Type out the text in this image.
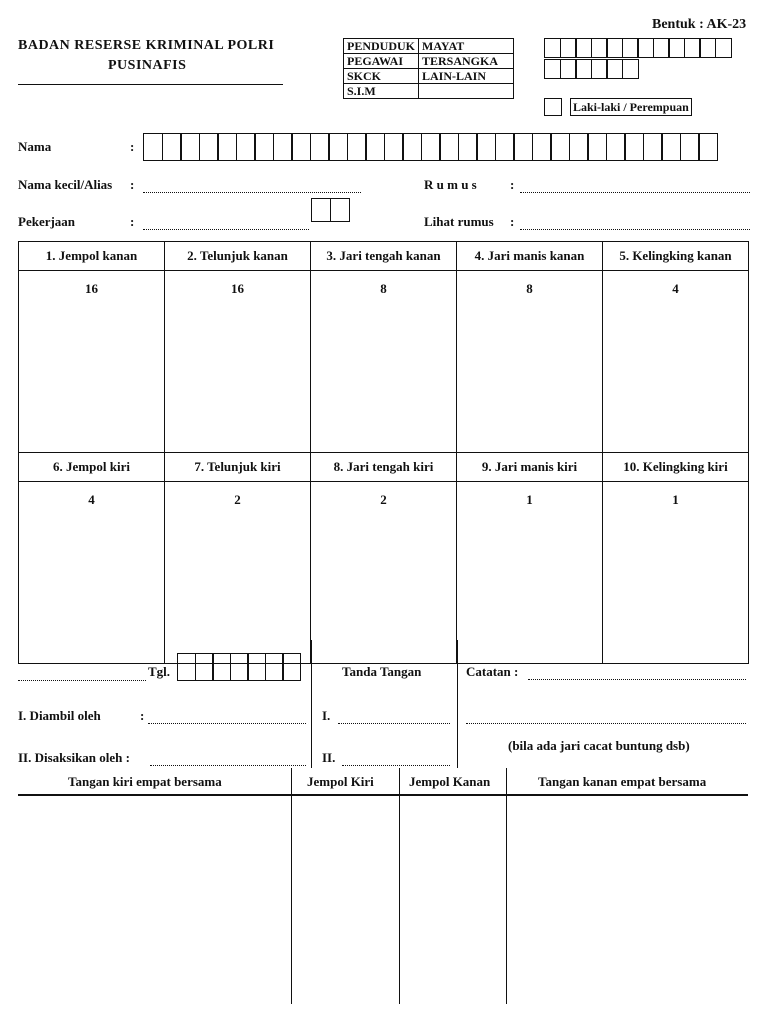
BADAN RESERSE KRIMINAL POLRI
PUSINAFIS
Bentuk : AK-23
PENDUDUK	MAYAT
PEGAWAI	TERSANGKA
SKCK	LAIN-LAIN
S.I.M	
Laki-laki / Perempuan
Nama	:
Nama kecil/Alias :	R u m u s	:
Pekerjaan	:	Lihat rumus :
1. Jempol kanan	2. Telunjuk kanan	3. Jari tengah kanan	4. Jari manis kanan	5. Kelingking kanan
16	16	8	8	4
6. Jempol kiri	7. Telunjuk kiri	8. Jari tengah kiri	9. Jari manis kiri	10. Kelingking kiri
4	2	2	1	1
Tgl.	Tanda Tangan	Catatan :
I. Diambil oleh	:	I.
II. Disaksikan oleh :	II.
(bila ada jari cacat buntung dsb)
Tangan kiri empat bersama	Jempol Kiri	Jempol Kanan	Tangan kanan empat bersama
